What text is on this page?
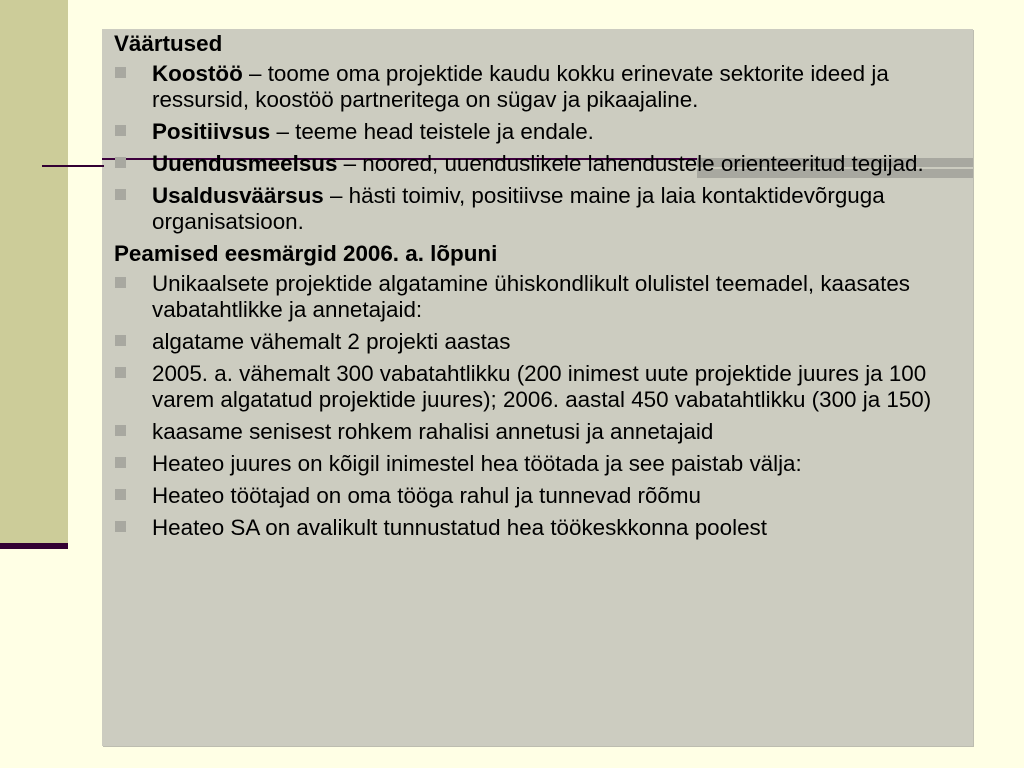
Väärtused
Koostöö – toome oma projektide kaudu kokku erinevate sektorite ideed ja ressursid, koostöö partneritega on sügav ja pikaajaline.
Positiivsus – teeme head teistele ja endale.
Uuendusmeelsus – noored, uuenduslikele lahendustele orienteeritud tegijad.
Usaldusväärsus – hästi toimiv, positiivse maine ja laia kontaktidevõrguga organisatsioon.
Peamised eesmärgid 2006. a. lõpuni
Unikaalsete projektide algatamine ühiskondlikult olulistel teemadel, kaasates vabatahtlikke ja annetajaid:
algatame vähemalt 2 projekti aastas
2005. a. vähemalt 300 vabatahtlikku (200 inimest uute projektide juures ja 100 varem algatatud projektide juures); 2006. aastal 450 vabatahtlikku (300 ja 150)
kaasame senisest rohkem rahalisi annetusi ja annetajaid
Heateo juures on kõigil inimestel hea töötada ja see paistab välja:
Heateo töötajad on oma tööga rahul ja tunnevad rõõmu
Heateo SA on avalikult tunnustatud hea töökeskkonna poolest
